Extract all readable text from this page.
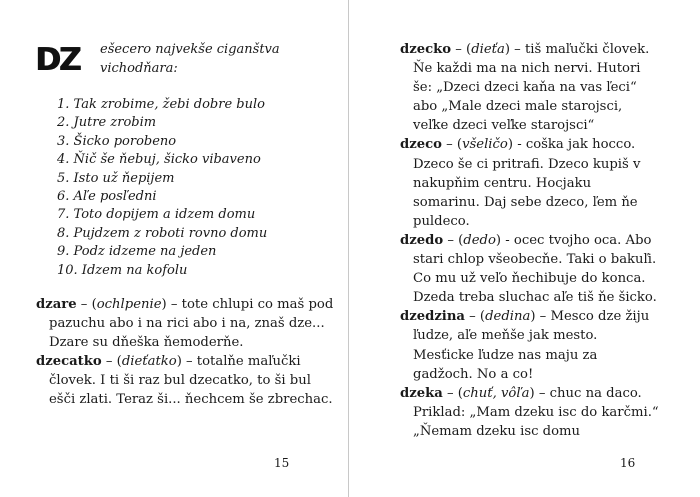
DZ ešecero najvekše ciganštva vichodňara:
1. Tak zrobime, žebi dobre bulo
2. Jutre zrobim
3. Šicko porobeno
4. Ňič še ňebuj, šicko vibaveno
5. Isto už ňepijem
6. Aľe posľedni
7. Toto dopijem a idzem domu
8. Pujdzem z roboti rovno domu
9. Podz idzeme na jeden
10. Idzem na kofolu

dzare – (ochlpenie) – tote chlupi co maš pod pazuchu abo i na rici abo i na, znaš dze... Dzare su dňeška ňemoderňe.

dzecatko – (dieťatko) – totalňe maľučki človek. I ti ši raz bul dzecatko, to ši bul ešči zlati. Teraz ši... ňechcem še zbrechac.

15

dzecko – (dieťa) – tiš maľučki človek. Ňe každi ma na nich nervi. Hutori še: „Dzeci dzeci kaňa na vas ľeci“ abo „Male dzeci male starojsci, veľke dzeci veľke starojsci“

dzeco – (všeličo) - coška jak hocco. Dzeco še ci pritrafi. Dzeco kupiš v nakupňim centru. Hocjaku somarinu. Daj sebe dzeco, ľem ňe puldeco.

dzedo – (dedo) - ocec tvojho oca. Abo stari chlop všeobecňe. Taki o bakuľi. Co mu už veľo ňechibuje do konca. Dzeda treba sluchac aľe tiš ňe šicko.

dzedzina – (dedina) – Mesco dze žiju ľudze, aľe meňše jak mesto. Mesťicke ľudze nas maju za gadžoch. No a co!

dzeka – (chuť, vôľa) – chuc na daco. Priklad: „Mam dzeku isc do karčmi.“ „Ňemam dzeku isc domu

16
